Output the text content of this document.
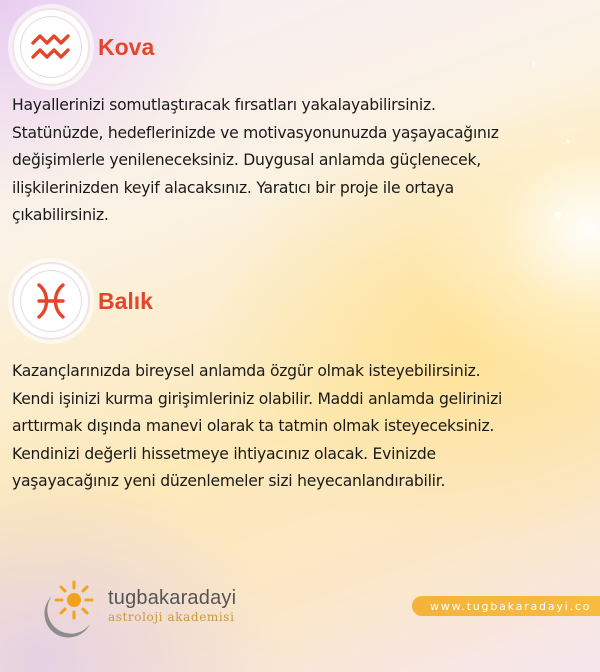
Kova
Hayallerinizi somutlaştıracak fırsatları yakalayabilirsiniz.
Statünüzde, hedeflerinizde ve motivasyonunuzda yaşayacağınız
değişimlerle yenileneceksiniz. Duygusal anlamda güçlenecek,
ilişkilerinizden keyif alacaksınız. Yaratıcı bir proje ile ortaya
çıkabilirsiniz.
Balık
Kazançlarınızda bireysel anlamda özgür olmak isteyebilirsiniz.
Kendi işinizi kurma girişimleriniz olabilir. Maddi anlamda gelirinizi
arttırmak dışında manevi olarak ta tatmin olmak isteyeceksiniz.
Kendinizi değerli hissetmeye ihtiyacınız olacak. Evinizde
yaşayacağınız yeni düzenlemeler sizi heyecanlandırabilir.
tugbakaradayi
astroloji akademisi
www.tugbakaradayi.co
